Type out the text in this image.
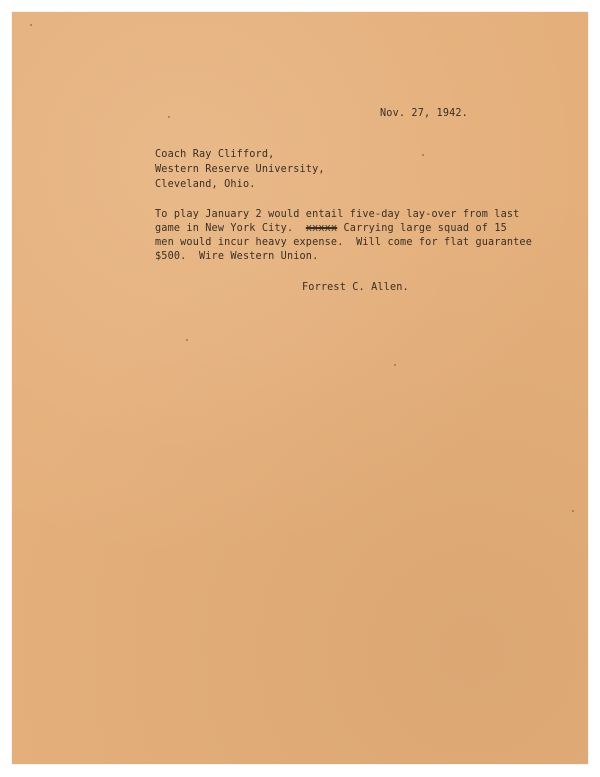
Nov. 27, 1942.
Coach Ray Clifford,
Western Reserve University,
Cleveland, Ohio.
To play January 2 would entail five-day lay-over from last
game in New York City.  xxxxx Carrying large squad of 15
men would incur heavy expense.  Will come for flat guarantee
$500.  Wire Western Union.
Forrest C. Allen.
